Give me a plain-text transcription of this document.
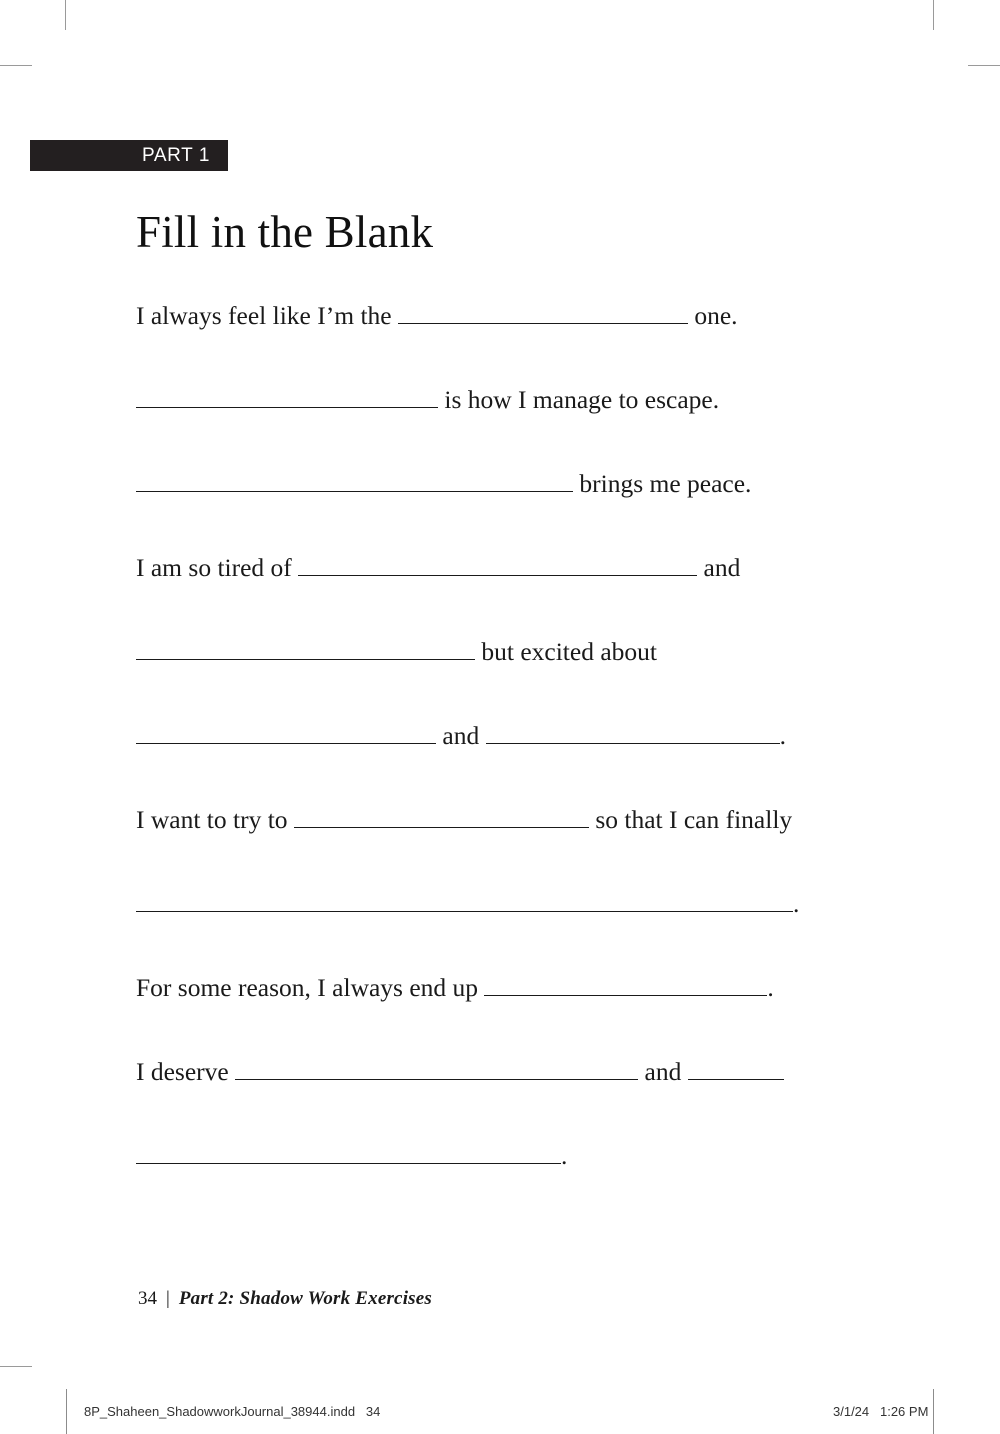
PART 1
Fill in the Blank
I always feel like I’m the	one.
is how I manage to escape.
brings me peace.
I am so tired of	and
but excited about
and	.
I want to try to	so that I can finally
.
For some reason, I always end up	.
I deserve	and
.
34 | Part 2: Shadow Work Exercises
8P_Shaheen_ShadowworkJournal_38944.indd   34	3/1/24   1:26 PM
